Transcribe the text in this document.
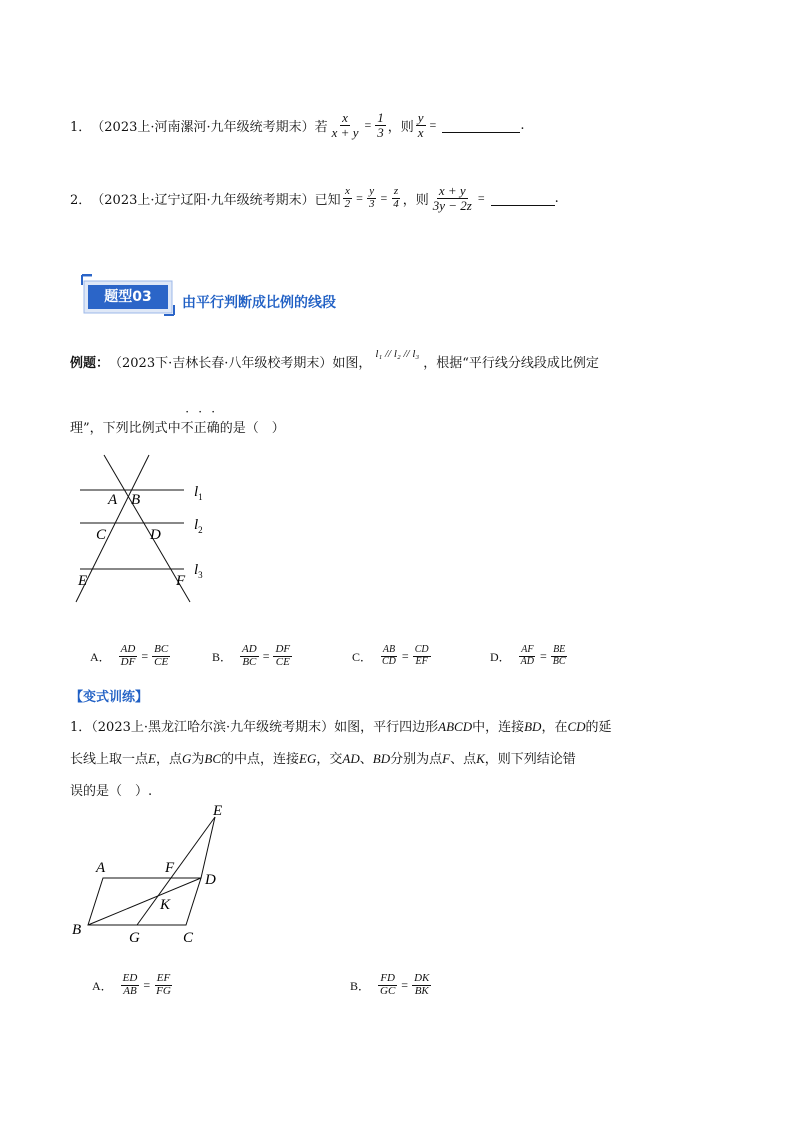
1． （2023上·河南漯河·九年级统考期末） 若 $\frac{x}{x + y} = \frac{1}{3}$ ，则 $\frac{y}{x}$ =	.
2． （2023上·辽宁辽阳·九年级统考期末） 已知 $\frac{x}{2} = \frac{y}{3} = \frac{z}{4}$ ，则 $\frac{x + y}{3y - 2z}$ =	.
题型03	由平行判断成比例的线段
例题： （2023下·吉林长春·八年级校考期末）如图，
l₁ // l₂ // l₃
，根据“平行线分线段成比例定
理”，下列比例式中不正确的是（　）
A B
C	D
E	F
$l_1$
$l_2$
$l_3$
A． $\frac{AD}{DF} = \frac{BC}{CE}$	B． $\frac{AD}{BC} = \frac{DF}{CE}$	C． $\frac{AB}{CD} = \frac{CD}{EF}$	D． $\frac{AF}{AD} = \frac{BE}{BC}$
【变式训练】
1．（2023上·黑龙江哈尔滨·九年级统考期末）如图，平行四边形ABCD中，连接BD，在CD的延
长线上取一点E，点G为BC的中点，连接EG，交AD、BD分别为点F、点K，则下列结论错
误的是（　）.
E
A	F
D
K
B	G	C
A． $\frac{ED}{AB} = \frac{EF}{FG}$	B． $\frac{FD}{GC} = \frac{DK}{BK}$
